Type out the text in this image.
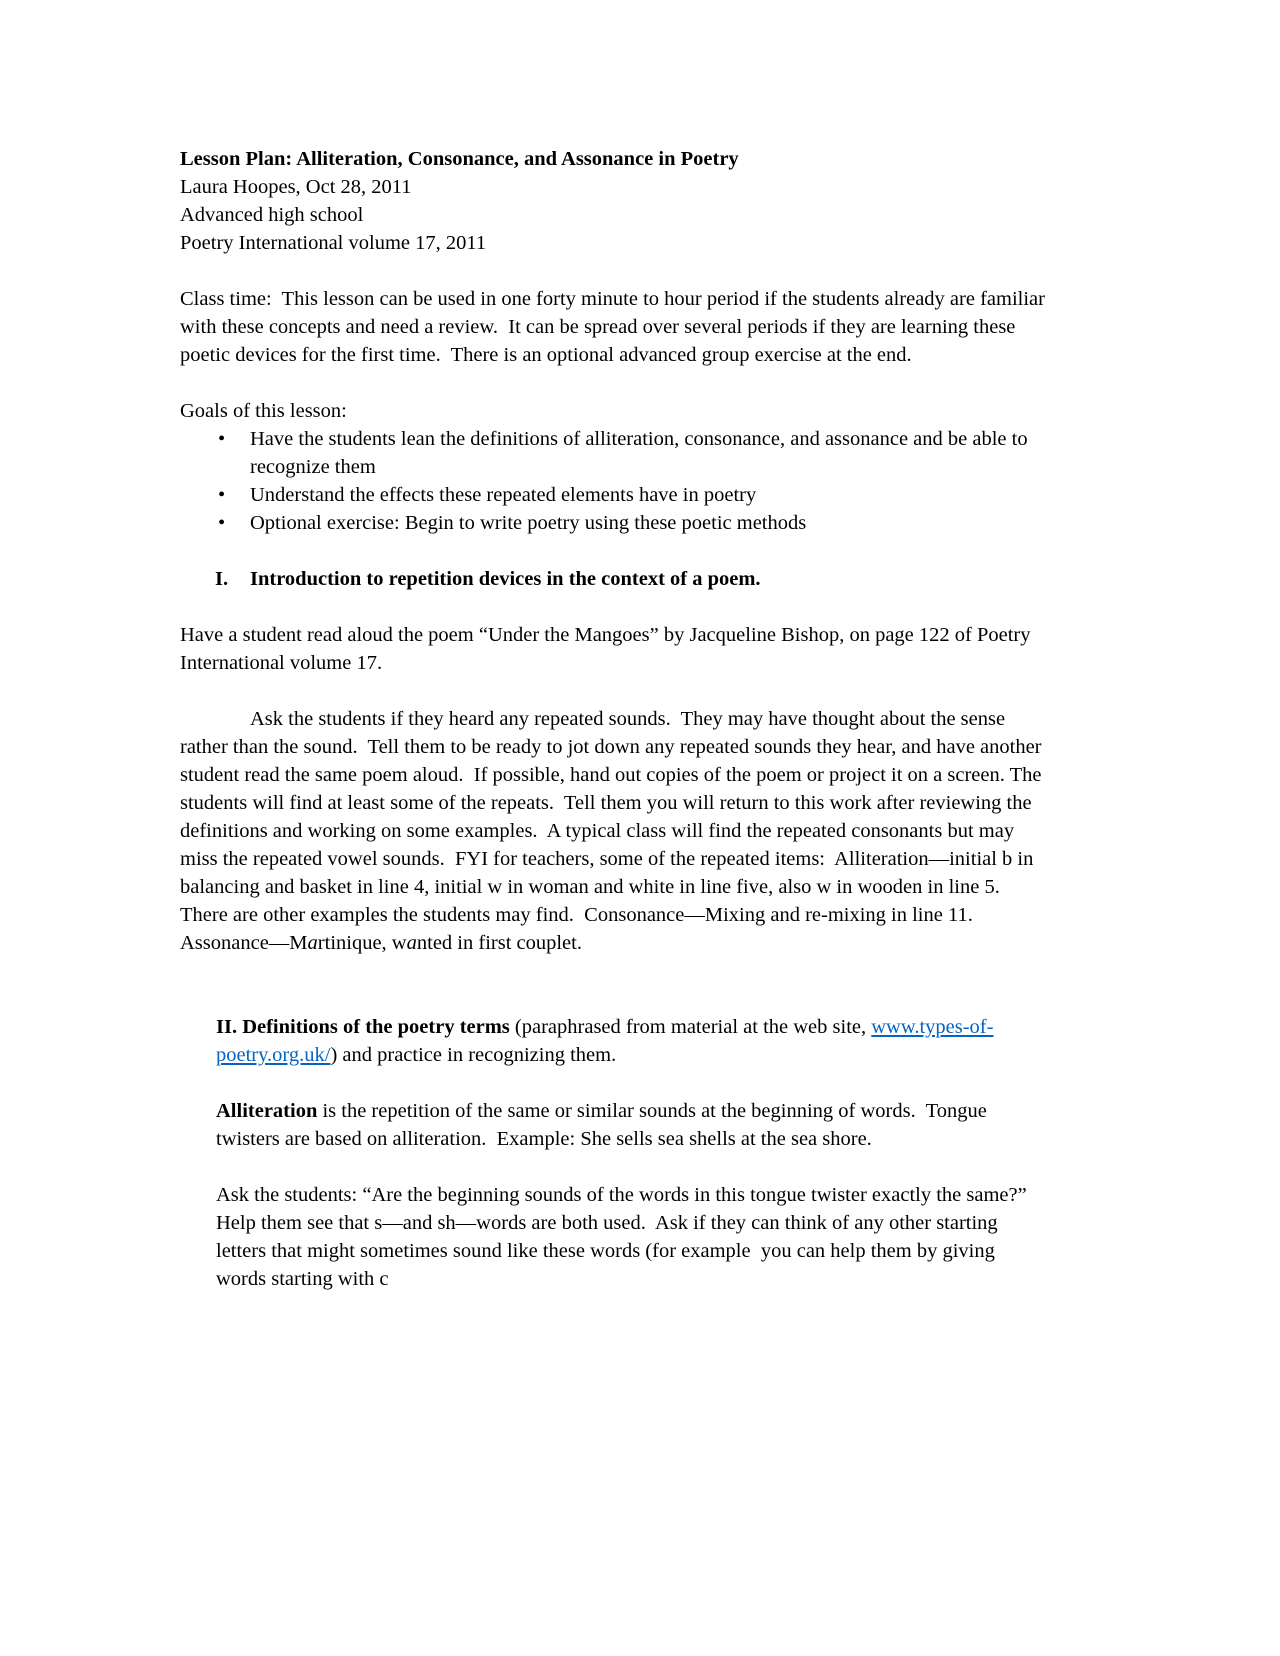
Lesson Plan: Alliteration, Consonance, and Assonance in Poetry
Laura Hoopes, Oct 28, 2011
Advanced high school
Poetry International volume 17, 2011
Class time:  This lesson can be used in one forty minute to hour period if the students already are familiar with these concepts and need a review.  It can be spread over several periods if they are learning these poetic devices for the first time.  There is an optional advanced group exercise at the end.
Goals of this lesson:
•	Have the students lean the definitions of alliteration, consonance, and assonance and be able to recognize them
•	Understand the effects these repeated elements have in poetry
•	Optional exercise: Begin to write poetry using these poetic methods
I.	Introduction to repetition devices in the context of a poem.
Have a student read aloud the poem “Under the Mangoes” by Jacqueline Bishop, on page 122 of Poetry International volume 17.
Ask the students if they heard any repeated sounds.  They may have thought about the sense rather than the sound.  Tell them to be ready to jot down any repeated sounds they hear, and have another student read the same poem aloud.  If possible, hand out copies of the poem or project it on a screen. The students will find at least some of the repeats.  Tell them you will return to this work after reviewing the definitions and working on some examples.  A typical class will find the repeated consonants but may miss the repeated vowel sounds.  FYI for teachers, some of the repeated items:  Alliteration—initial b in balancing and basket in line 4, initial w in woman and white in line five, also w in wooden in line 5.  There are other examples the students may find.  Consonance—Mixing and re-mixing in line 11.  Assonance—Martinique, wanted in first couplet.
II. Definitions of the poetry terms (paraphrased from material at the web site, www.types-of-poetry.org.uk/) and practice in recognizing them.
Alliteration is the repetition of the same or similar sounds at the beginning of words.  Tongue twisters are based on alliteration.  Example: She sells sea shells at the sea shore.
Ask the students: “Are the beginning sounds of the words in this tongue twister exactly the same?”  Help them see that s—and sh—words are both used.  Ask if they can think of any other starting letters that might sometimes sound like these words (for example  you can help them by giving words starting with c
